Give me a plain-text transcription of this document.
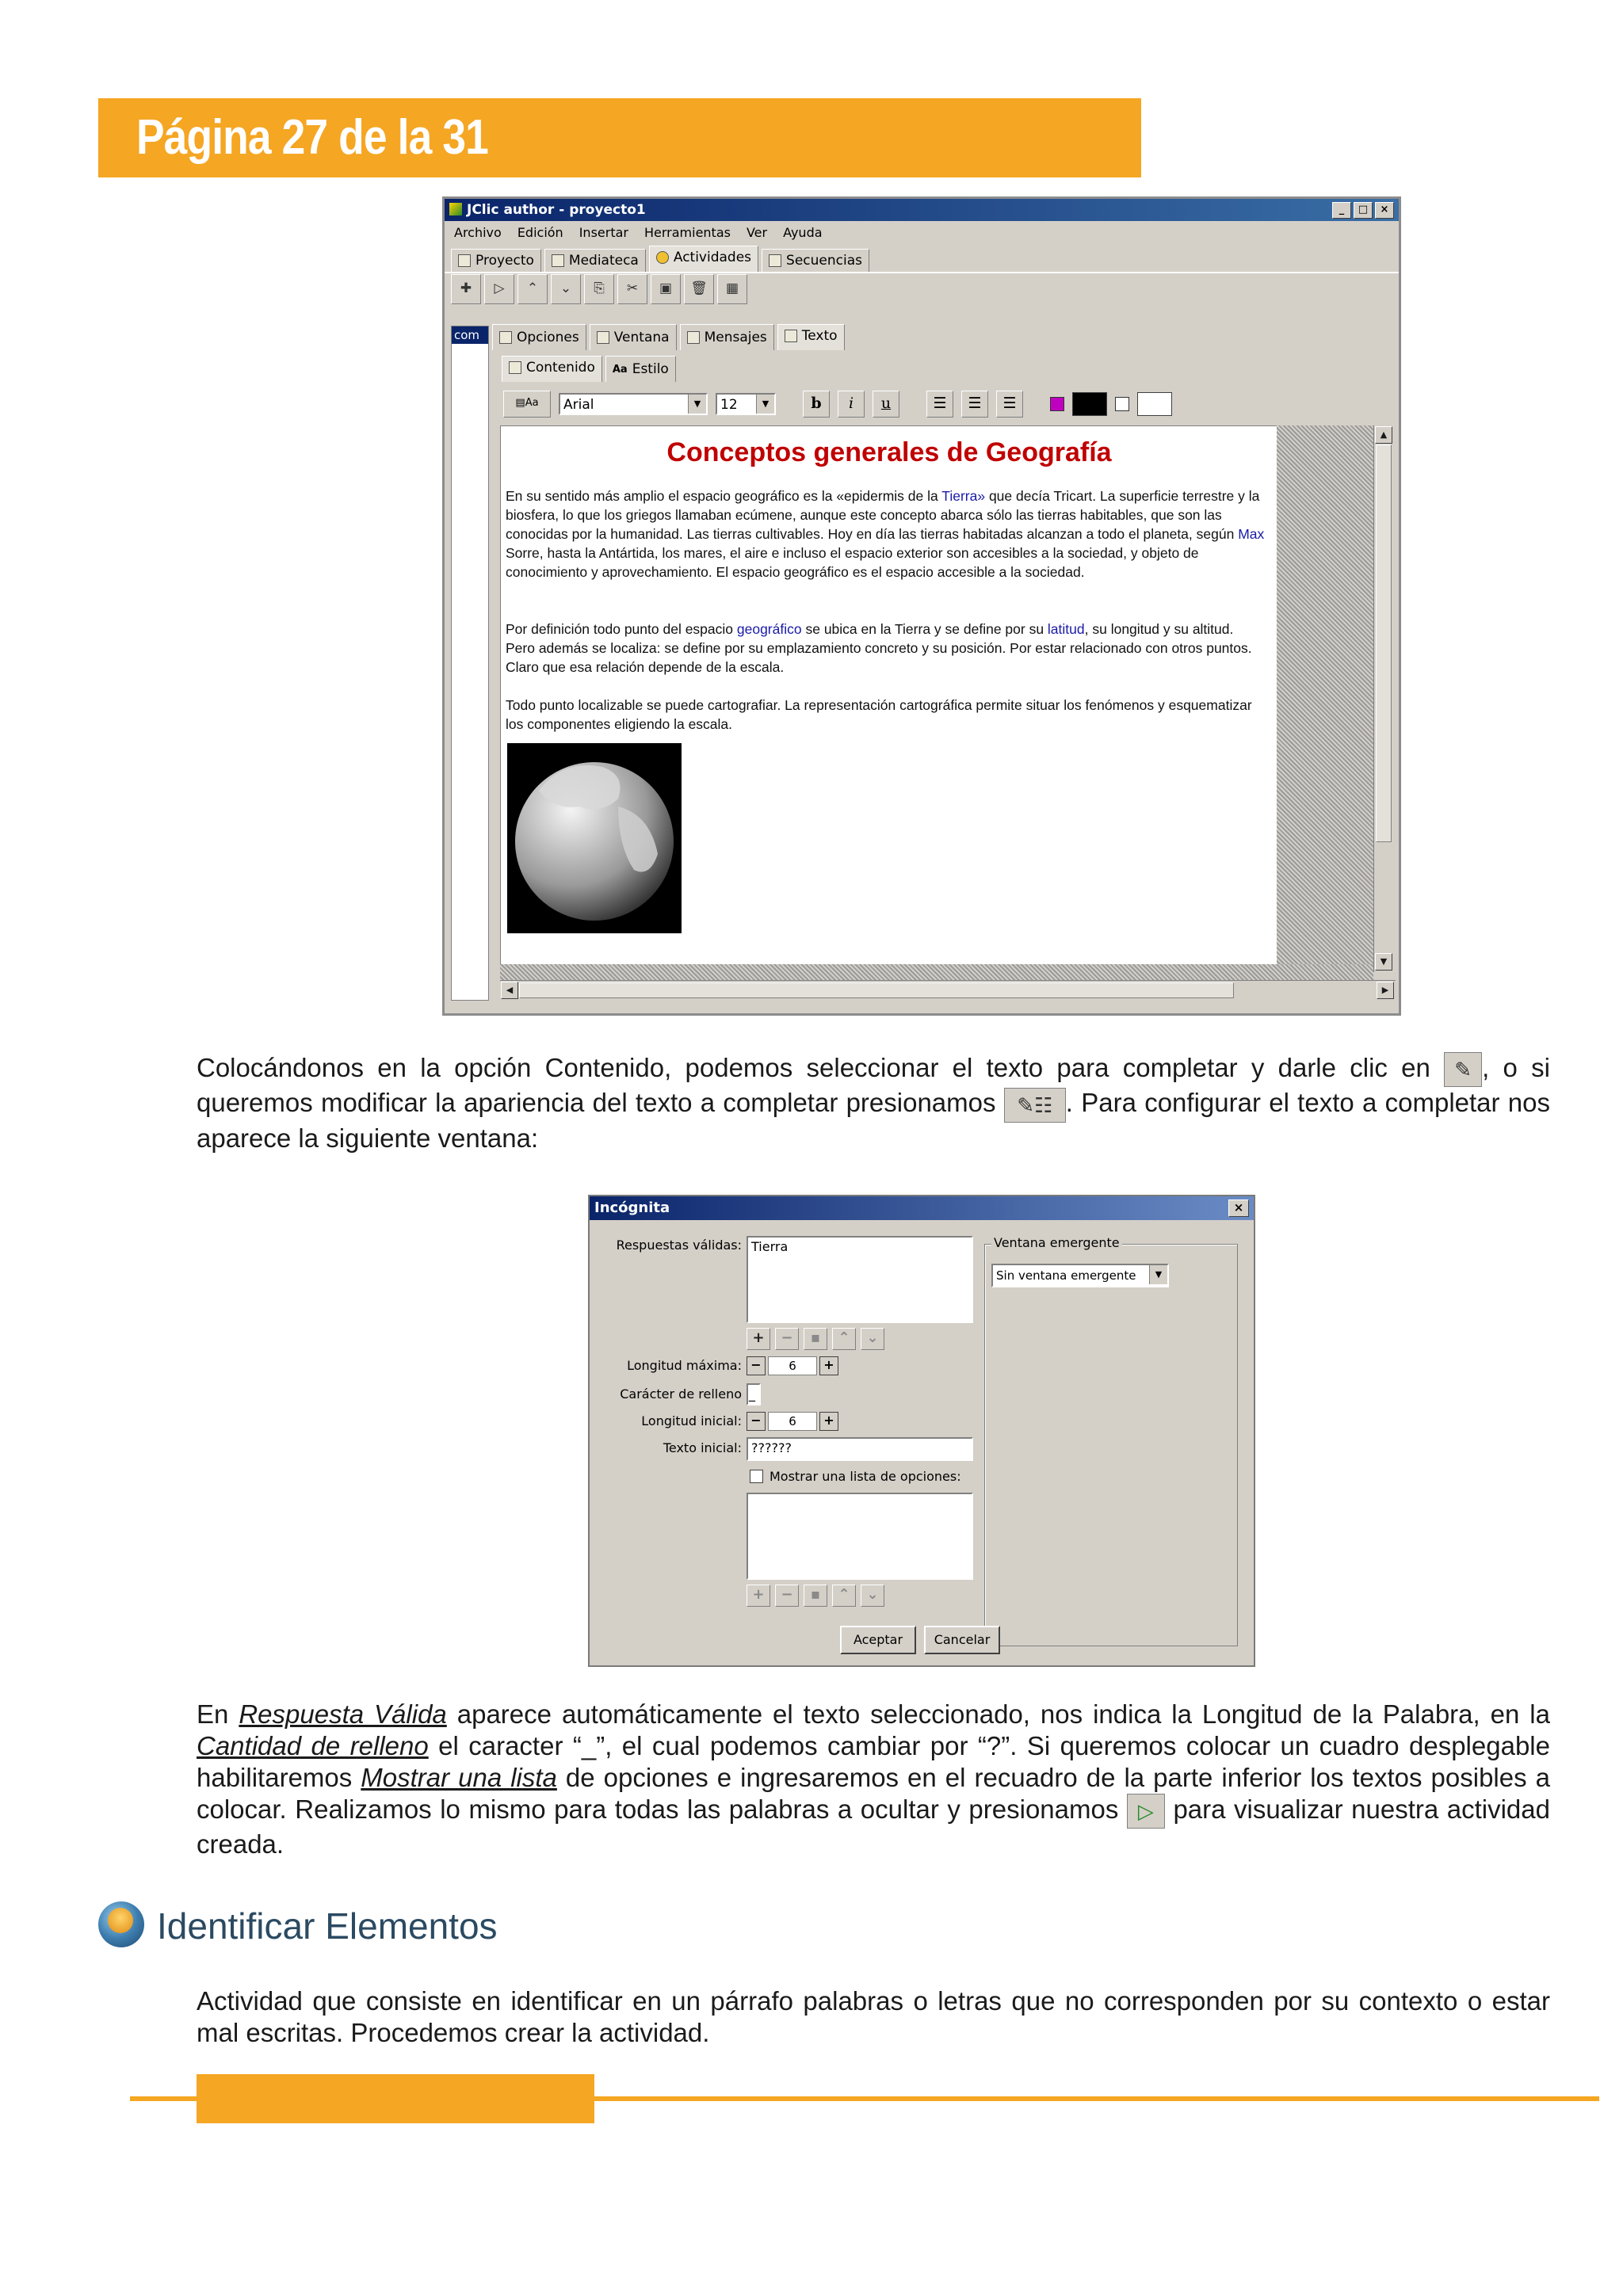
Página 27 de la 31
JClic author - proyecto1	_	□	×
Archivo Edición Insertar Herramientas Ver Ayuda
Proyecto	Mediateca	Actividades	Secuencias
✚	▷	⌃	⌄	⎘	✂	▣	🗑	▦
com	Opciones	Ventana	Mensajes	Texto
Contenido Aa Estilo
▤Aa	Arial	▼	12	▼	b	i	u	☰	☰	☰
Conceptos generales de Geografía
En su sentido más amplio el espacio geográfico es la «epidermis de la Tierra» que decía Tricart. La superficie terrestre y la biosfera, lo que los griegos llamaban ecúmene, aunque este concepto abarca sólo las tierras habitables, que son las conocidas por la humanidad. Las tierras cultivables. Hoy en día las tierras habitadas alcanzan a todo el planeta, según Max Sorre, hasta la Antártida, los mares, el aire e incluso el espacio exterior son accesibles a la sociedad, y objeto de conocimiento y aprovechamiento. El espacio geográfico es el espacio accesible a la sociedad.
Por definición todo punto del espacio geográfico se ubica en la Tierra y se define por su latitud, su longitud y su altitud. Pero además se localiza: se define por su emplazamiento concreto y su posición. Por estar relacionado con otros puntos. Claro que esa relación depende de la escala.
Todo punto localizable se puede cartografiar. La representación cartográfica permite situar los fenómenos y esquematizar los componentes eligiendo la escala.
▲
▼
◀	▶
Colocándonos en la opción Contenido, podemos seleccionar el texto para completar y darle clic en ✎ , o si queremos modificar la apariencia del texto a completar presionamos ✎☷ . Para configurar el texto a completar nos aparece la siguiente ventana:
Incógnita	×
Respuestas válidas: Tierra
+	−	▪	⌃	⌄
Longitud máxima: −	6	+
Carácter de relleno _
Longitud inicial: −	6	+
Texto inicial: ??????
Mostrar una lista de opciones:
+	−	▪	⌃	⌄
Ventana emergente
Sin ventana emergente	▼
Aceptar	Cancelar
En Respuesta Válida aparece automáticamente el texto seleccionado, nos indica la Longitud de la Palabra, en la Cantidad de relleno el caracter “_”, el cual podemos cambiar por “?”. Si queremos colocar un cuadro desplegable habilitaremos Mostrar una lista de opciones e ingresaremos en el recuadro de la parte inferior los textos posibles a colocar. Realizamos lo mismo para todas las palabras a ocultar y presionamos ▷ para visualizar nuestra actividad creada.
Identificar Elementos
Actividad que consiste en identificar en un párrafo palabras o letras que no corresponden por su contexto o estar mal escritas. Procedemos crear la actividad.
